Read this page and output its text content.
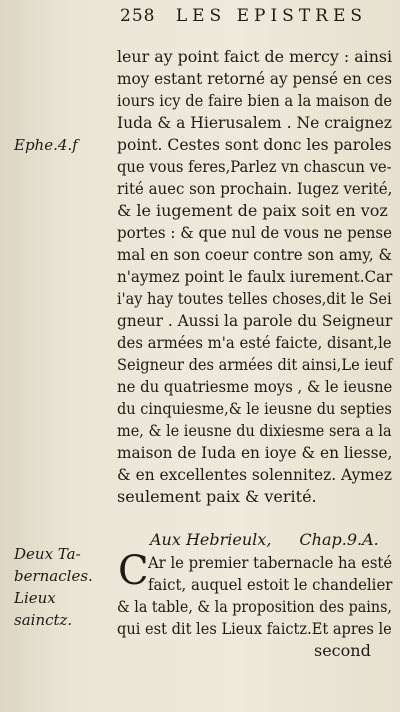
258 LES EPISTRES
Ephe.4.f
Deux Ta-
bernacles.
Lieux
sainctz.
leur ay point faict de mercy : ainsi
moy estant retorné ay pensé en ces
iours icy de faire bien a la maison de
Iuda & a Hierusalem . Ne craignez
point. Cestes sont donc les paroles
que vous feres,Parlez vn chascun ve-
rité auec son prochain. Iugez verité,
& le iugement de paix soit en voz
portes : & que nul de vous ne pense
mal en son coeur contre son amy, &
n'aymez point le faulx iurement.Car
i'ay hay toutes telles choses,dit le Sei
gneur . Aussi la parole du Seigneur
des armées m'a esté faicte, disant,le
Seigneur des armées dit ainsi,Le ieuf
ne du quatriesme moys , & le ieusne
du cinquiesme,& le ieusne du septies
me, & le ieusne du dixiesme sera a la
maison de Iuda en ioye & en liesse,
& en excellentes solennitez. Aymez
seulement paix & verité.
Aux Hebrieulx, Chap.9.A.
C Ar le premier tabernacle ha esté
faict, auquel estoit le chandelier
& la table, & la proposition des pains,
qui est dit les Lieux faictz.Et apres le
second
